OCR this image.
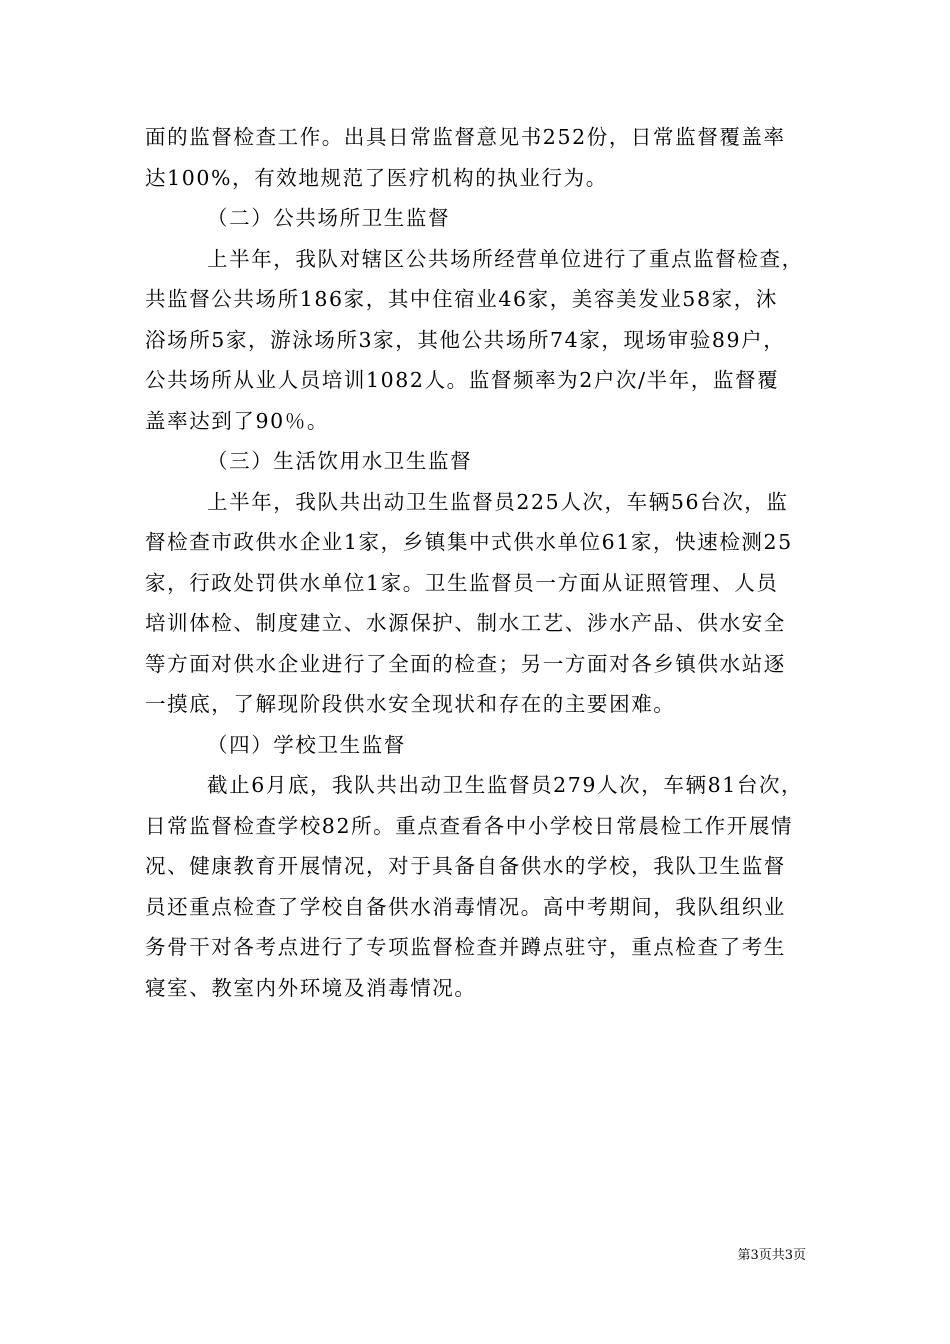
面的监督检查工作。出具日常监督意见书252份，日常监督覆盖率
达100%，有效地规范了医疗机构的执业行为。
（二）公共场所卫生监督
上半年，我队对辖区公共场所经营单位进行了重点监督检查，
共监督公共场所186家，其中住宿业46家，美容美发业58家，沐
浴场所5家，游泳场所3家，其他公共场所74家，现场审验89户，
公共场所从业人员培训1082人。监督频率为2户次/半年，监督覆
盖率达到了90％。
（三）生活饮用水卫生监督
上半年，我队共出动卫生监督员225人次，车辆56台次，监
督检查市政供水企业1家，乡镇集中式供水单位61家，快速检测25
家，行政处罚供水单位1家。卫生监督员一方面从证照管理、人员
培训体检、制度建立、水源保护、制水工艺、涉水产品、供水安全
等方面对供水企业进行了全面的检查；另一方面对各乡镇供水站逐
一摸底，了解现阶段供水安全现状和存在的主要困难。
（四）学校卫生监督
截止6月底，我队共出动卫生监督员279人次，车辆81台次，
日常监督检查学校82所。重点查看各中小学校日常晨检工作开展情
况、健康教育开展情况，对于具备自备供水的学校，我队卫生监督
员还重点检查了学校自备供水消毒情况。高中考期间，我队组织业
务骨干对各考点进行了专项监督检查并蹲点驻守，重点检查了考生
寝室、教室内外环境及消毒情况。
第3页共3页
